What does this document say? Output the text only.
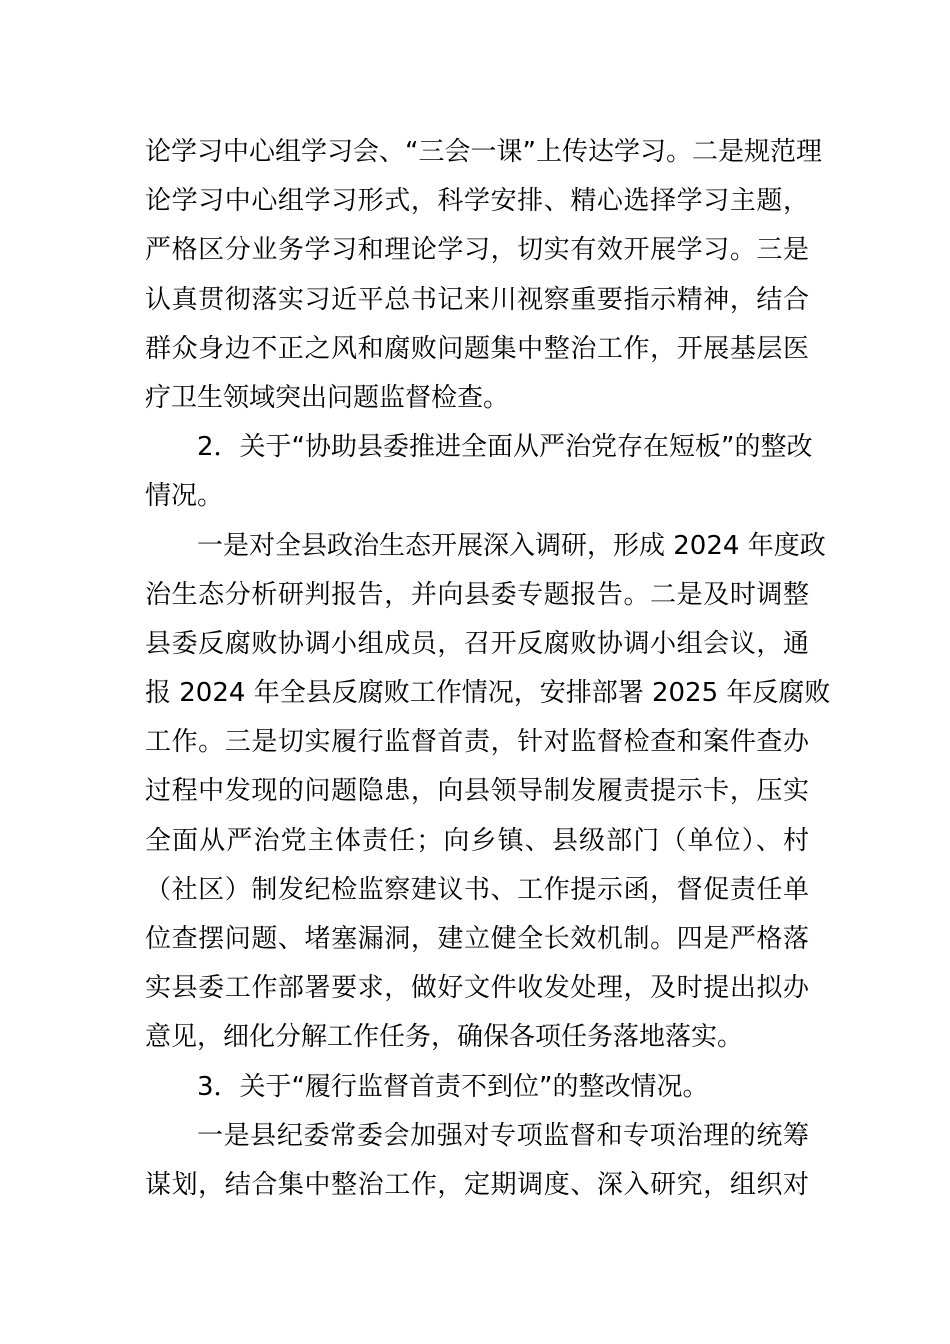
论学习中心组学习会、“三会一课”上传达学习。二是规范理
论学习中心组学习形式，科学安排、精心选择学习主题，
严格区分业务学习和理论学习，切实有效开展学习。三是
认真贯彻落实习近平总书记来川视察重要指示精神，结合
群众身边不正之风和腐败问题集中整治工作，开展基层医
疗卫生领域突出问题监督检查。
2．关于“协助县委推进全面从严治党存在短板”的整改
情况。
一是对全县政治生态开展深入调研，形成 2024 年度政
治生态分析研判报告，并向县委专题报告。二是及时调整
县委反腐败协调小组成员，召开反腐败协调小组会议，通
报 2024 年全县反腐败工作情况，安排部署 2025 年反腐败
工作。三是切实履行监督首责，针对监督检查和案件查办
过程中发现的问题隐患，向县领导制发履责提示卡，压实
全面从严治党主体责任；向乡镇、县级部门（单位）、村
（社区）制发纪检监察建议书、工作提示函，督促责任单
位查摆问题、堵塞漏洞，建立健全长效机制。四是严格落
实县委工作部署要求，做好文件收发处理，及时提出拟办
意见，细化分解工作任务，确保各项任务落地落实。
3．关于“履行监督首责不到位”的整改情况。
一是县纪委常委会加强对专项监督和专项治理的统筹
谋划，结合集中整治工作，定期调度、深入研究，组织对
